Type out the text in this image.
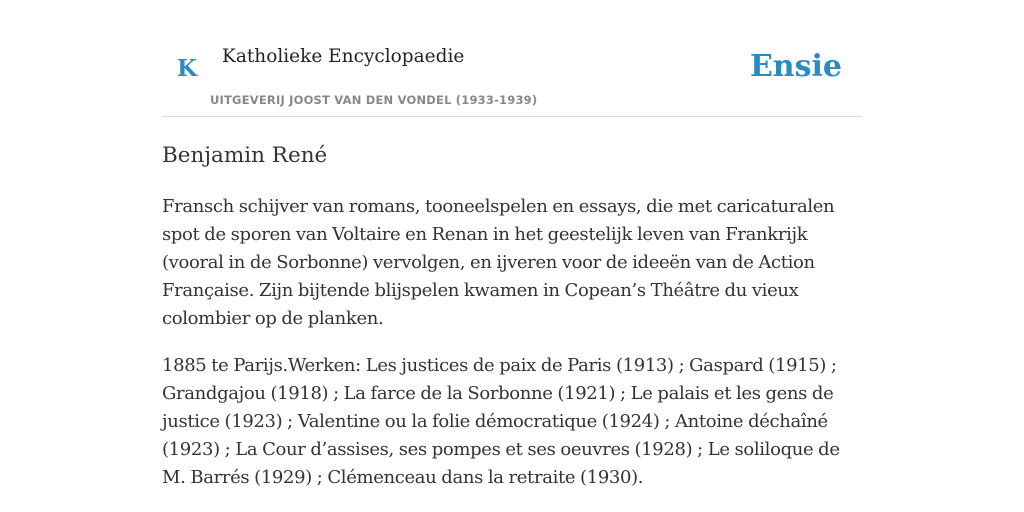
K Katholieke Encyclopaedie
UITGEVERIJ JOOST VAN DEN VONDEL (1933-1939)
Ensie
Benjamin René

Fransch schijver van romans, tooneelspelen en essays, die met caricaturalen spot de sporen van Voltaire en Renan in het geestelijk leven van Frankrijk (vooral in de Sorbonne) vervolgen, en ijveren voor de ideeën van de Action Française. Zijn bijtende blijspelen kwamen in Copean’s Théâtre du vieux colombier op de planken.

1885 te Parijs.Werken: Les justices de paix de Paris (1913) ; Gaspard (1915) ; Grandgajou (1918) ; La farce de la Sorbonne (1921) ; Le palais et les gens de justice (1923) ; Valentine ou la folie démocratique (1924) ; Antoine déchaîné (1923) ; La Cour d’assises, ses pompes et ses oeuvres (1928) ; Le soliloque de M. Barrés (1929) ; Clémenceau dans la retraite (1930).
